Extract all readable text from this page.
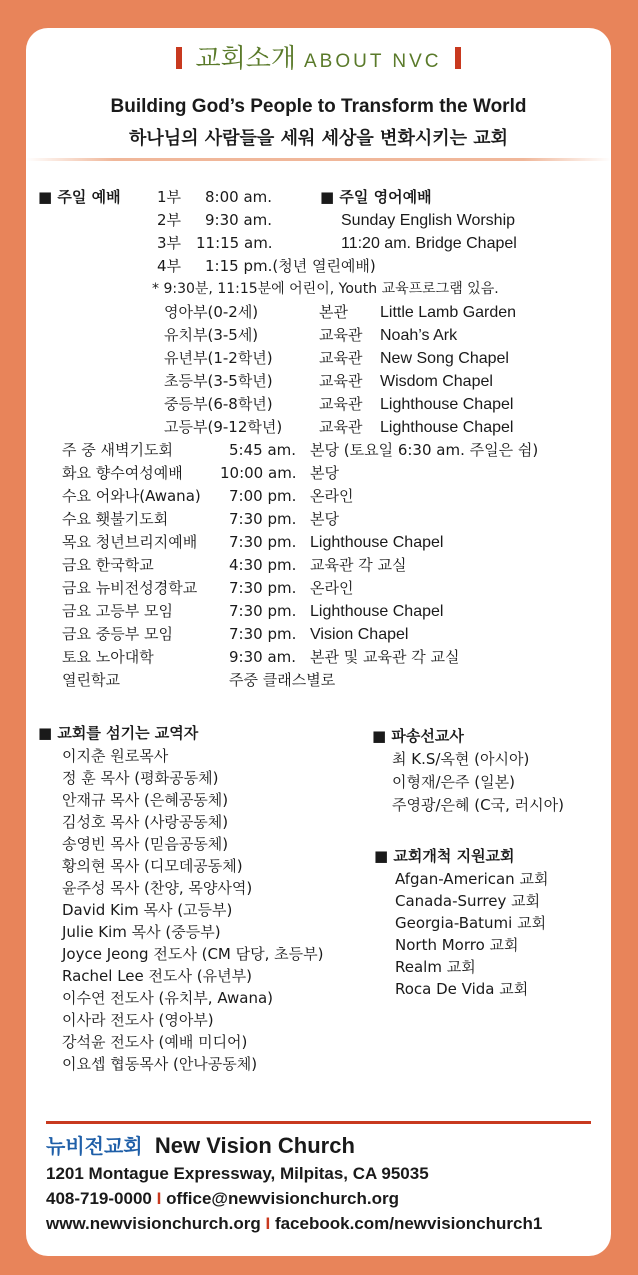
교회소개 ABOUT NVC
Building God’s People to Transform the World
하나님의 사람들을 세워 세상을 변화시키는 교회
■ 주일 예배 1부 8:00 am.
2부 9:30 am.
3부 11:15 am.
4부 1:15 pm.(청년 열린예배)
■ 주일 영어예배
Sunday English Worship
11:20 am. Bridge Chapel
* 9:30분, 11:15분에 어린이, Youth 교육프로그램 있음.
영아부(0-2세)	본관 Little Lamb Garden
유치부(3-5세)	교육관 Noah’s Ark
유년부(1-2학년)	교육관 New Song Chapel
초등부(3-5학년)	교육관 Wisdom Chapel
중등부(6-8학년)	교육관 Lighthouse Chapel
고등부(9-12학년) 교육관 Lighthouse Chapel
주 중 새벽기도회	5:45 am. 본당 (토요일 6:30 am. 주일은 쉼)
화요 향수여성예배 10:00 am. 본당
수요 어와나(Awana) 7:00 pm. 온라인
수요 횃불기도회	7:30 pm. 본당
목요 청년브리지예배 7:30 pm. Lighthouse Chapel
금요 한국학교	4:30 pm. 교육관 각 교실
금요 뉴비전성경학교 7:30 pm. 온라인
금요 고등부 모임	7:30 pm. Lighthouse Chapel
금요 중등부 모임	7:30 pm. Vision Chapel
토요 노아대학	9:30 am. 본관 및 교육관 각 교실
열린학교	주중 클래스별로
■ 교회를 섬기는 교역자
이지춘 원로목사
정 훈 목사 (평화공동체)
안재규 목사 (은혜공동체)
김성호 목사 (사랑공동체)
송영빈 목사 (믿음공동체)
황의현 목사 (디모데공동체)
윤주성 목사 (찬양, 목양사역)
David Kim 목사 (고등부)
Julie Kim 목사 (중등부)
Joyce Jeong 전도사 (CM 담당, 초등부)
Rachel Lee 전도사 (유년부)
이수연 전도사 (유치부, Awana)
이사라 전도사 (영아부)
강석윤 전도사 (예배 미디어)
이요셉 협동목사 (안나공동체)
■ 파송선교사
최 K.S/옥현 (아시아)
이형재/은주 (일본)
주영광/은혜 (C국, 러시아)
■ 교회개척 지원교회
Afgan-American 교회
Canada-Surrey 교회
Georgia-Batumi 교회
North Morro 교회
Realm 교회
Roca De Vida 교회
뉴비전교회 New Vision Church
1201 Montague Expressway, Milpitas, CA 95035
408-719-0000 I office@newvisionchurch.org
www.newvisionchurch.org I facebook.com/newvisionchurch1
